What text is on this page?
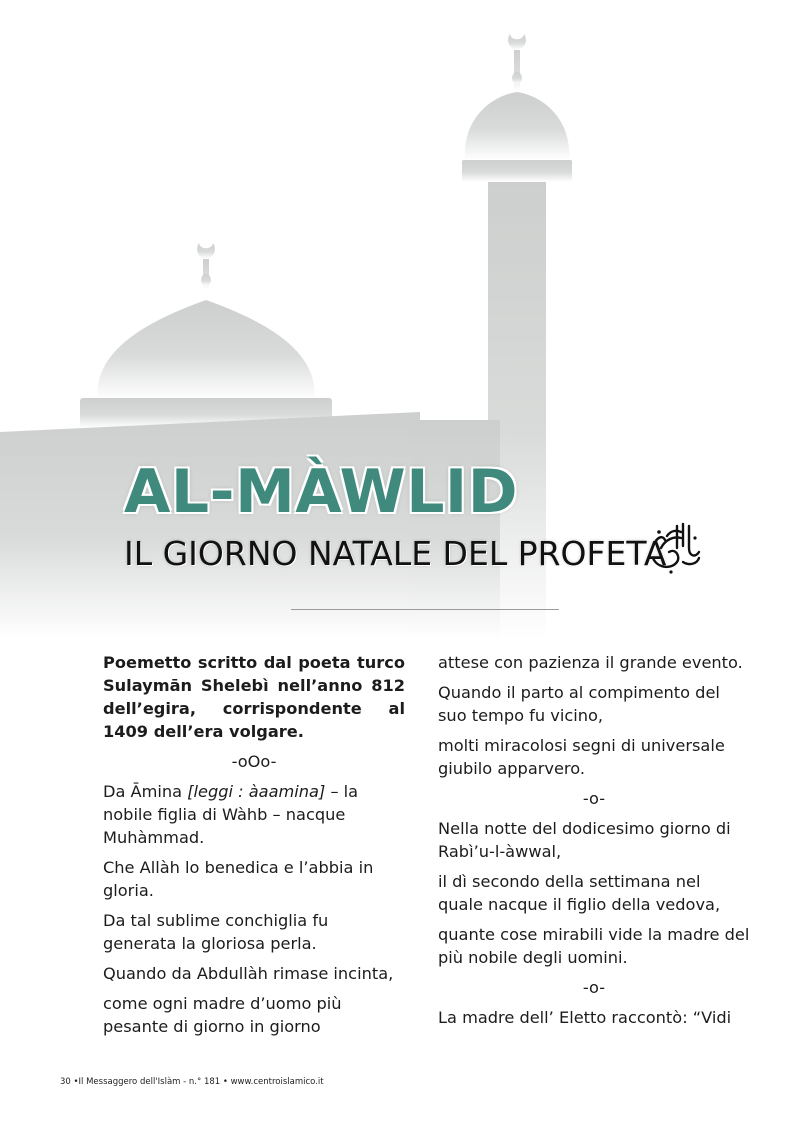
AL-MÀWLID
IL GIORNO NATALE DEL PROFETA

Poemetto scritto dal poeta turco Sulaymān Shelebì nell’anno 812 dell’egira, corrispondente al 1409 dell’era volgare.

-oOo-

Da Āmina [leggi : àaamina] – la nobile figlia di Wàhb – nacque Muhàmmad.

Che Allàh lo benedica e l’abbia in gloria.

Da tal sublime conchiglia fu generata la gloriosa perla.

Quando da Abdullàh rimase incinta,

come ogni madre d’uomo più pesante di giorno in giorno

attese con pazienza il grande evento.

Quando il parto al compimento del suo tempo fu vicino,

molti miracolosi segni di universale giubilo apparvero.

-o-

Nella notte del dodicesimo giorno di Rabì’u-l-àwwal,

il dì secondo della settimana nel quale nacque il figlio della vedova,

quante cose mirabili vide la madre del più nobile degli uomini.

-o-

La madre dell’ Eletto raccontò: “Vidi

30 •Il Messaggero dell'Islàm - n.° 181 • www.centroislamico.it
